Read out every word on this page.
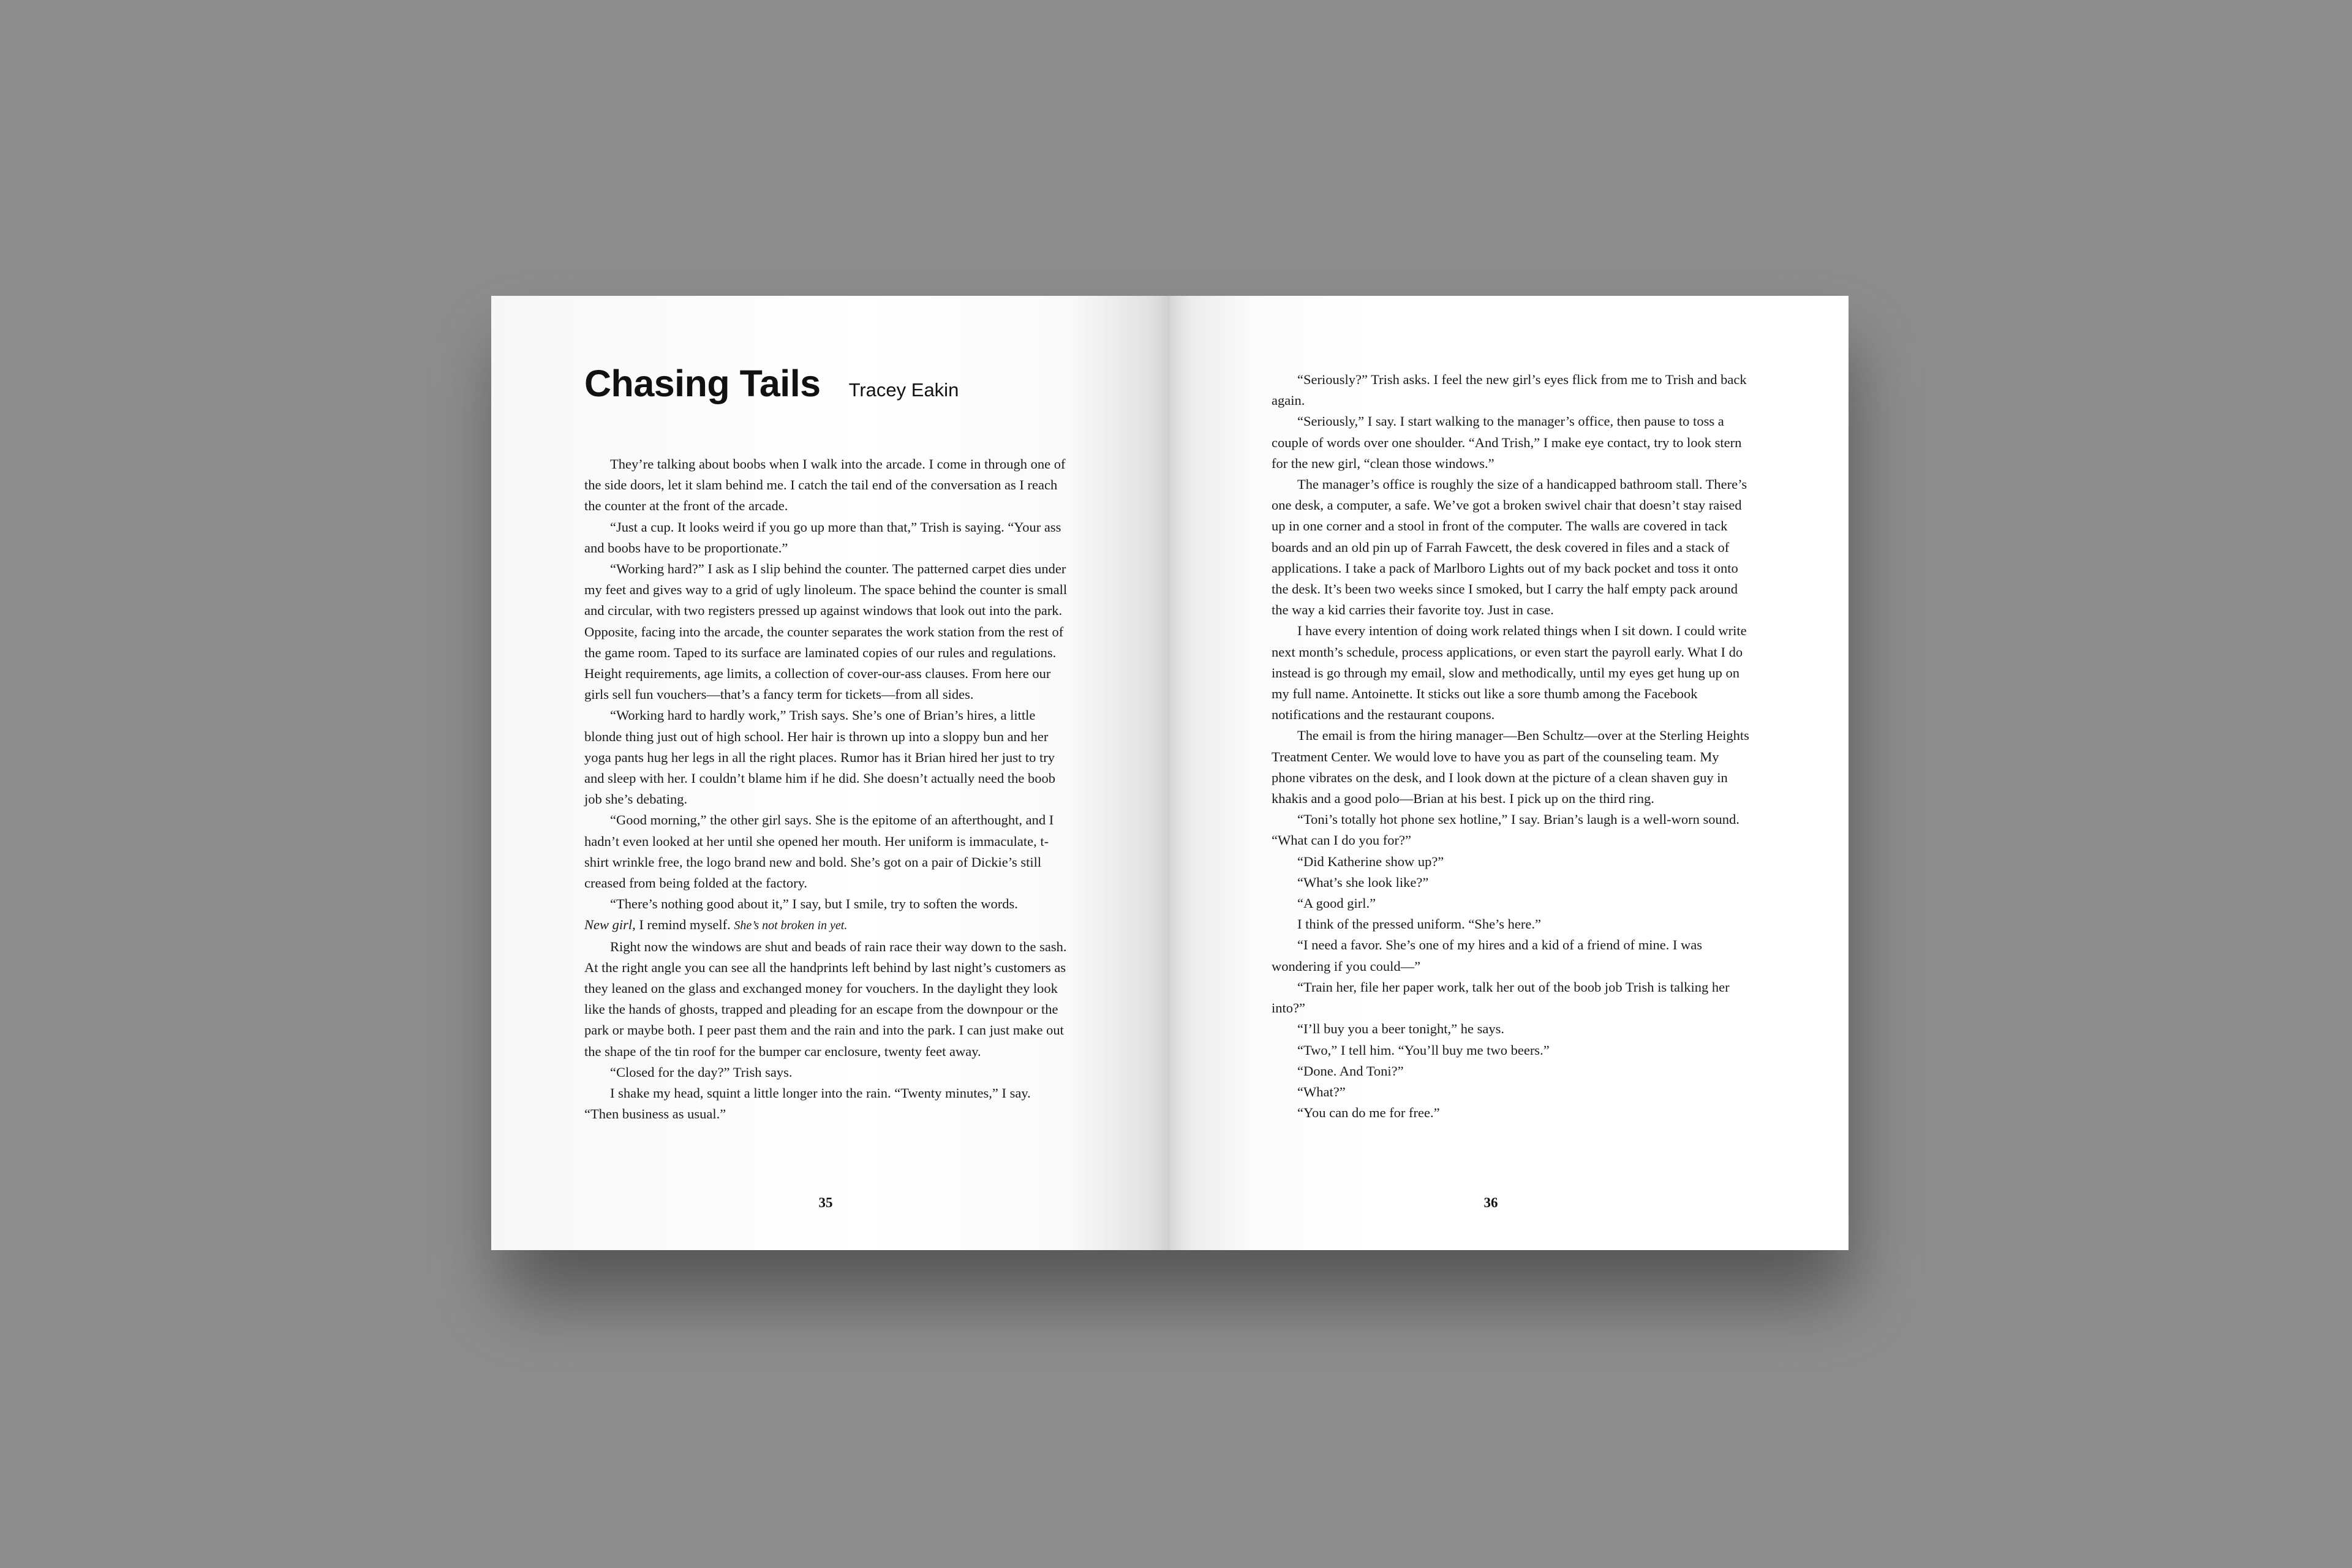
Chasing Tails Tracey Eakin

They’re talking about boobs when I walk into the arcade. I come in through one of the side doors, let it slam behind me. I catch the tail end of the conversation as I reach the counter at the front of the arcade.

“Just a cup. It looks weird if you go up more than that,” Trish is saying. “Your ass and boobs have to be proportionate.”

“Working hard?” I ask as I slip behind the counter. The patterned carpet dies under my feet and gives way to a grid of ugly linoleum. The space behind the counter is small and circular, with two registers pressed up against windows that look out into the park. Opposite, facing into the arcade, the counter separates the work station from the rest of the game room. Taped to its surface are laminated copies of our rules and regulations. Height requirements, age limits, a collection of cover-our-ass clauses. From here our girls sell fun vouchers—that’s a fancy term for tickets—from all sides.

“Working hard to hardly work,” Trish says. She’s one of Brian’s hires, a little blonde thing just out of high school. Her hair is thrown up into a sloppy bun and her yoga pants hug her legs in all the right places. Rumor has it Brian hired her just to try and sleep with her. I couldn’t blame him if he did. She doesn’t actually need the boob job she’s debating.

“Good morning,” the other girl says. She is the epitome of an afterthought, and I hadn’t even looked at her until she opened her mouth. Her uniform is immaculate, t-shirt wrinkle free, the logo brand new and bold. She’s got on a pair of Dickie’s still creased from being folded at the factory.

“There’s nothing good about it,” I say, but I smile, try to soften the words.

New girl, I remind myself. She’s not broken in yet.

Right now the windows are shut and beads of rain race their way down to the sash. At the right angle you can see all the handprints left behind by last night’s customers as they leaned on the glass and exchanged money for vouchers. In the daylight they look like the hands of ghosts, trapped and pleading for an escape from the downpour or the park or maybe both. I peer past them and the rain and into the park. I can just make out the shape of the tin roof for the bumper car enclosure, twenty feet away.

“Closed for the day?” Trish says.

I shake my head, squint a little longer into the rain. “Twenty minutes,” I say. “Then business as usual.”

35

“Seriously?” Trish asks. I feel the new girl’s eyes flick from me to Trish and back again.

“Seriously,” I say. I start walking to the manager’s office, then pause to toss a couple of words over one shoulder. “And Trish,” I make eye contact, try to look stern for the new girl, “clean those windows.”

The manager’s office is roughly the size of a handicapped bathroom stall. There’s one desk, a computer, a safe. We’ve got a broken swivel chair that doesn’t stay raised up in one corner and a stool in front of the computer. The walls are covered in tack boards and an old pin up of Farrah Fawcett, the desk covered in files and a stack of applications. I take a pack of Marlboro Lights out of my back pocket and toss it onto the desk. It’s been two weeks since I smoked, but I carry the half empty pack around the way a kid carries their favorite toy. Just in case.

I have every intention of doing work related things when I sit down. I could write next month’s schedule, process applications, or even start the payroll early. What I do instead is go through my email, slow and methodically, until my eyes get hung up on my full name. Antoinette. It sticks out like a sore thumb among the Facebook notifications and the restaurant coupons.

The email is from the hiring manager—Ben Schultz—over at the Sterling Heights Treatment Center. We would love to have you as part of the counseling team. My phone vibrates on the desk, and I look down at the picture of a clean shaven guy in khakis and a good polo—Brian at his best. I pick up on the third ring.

“Toni’s totally hot phone sex hotline,” I say. Brian’s laugh is a well-worn sound. “What can I do you for?”

“Did Katherine show up?”

“What’s she look like?”

“A good girl.”

I think of the pressed uniform. “She’s here.”

“I need a favor. She’s one of my hires and a kid of a friend of mine. I was wondering if you could—”

“Train her, file her paper work, talk her out of the boob job Trish is talking her into?”

“I’ll buy you a beer tonight,” he says.

“Two,” I tell him. “You’ll buy me two beers.”

“Done. And Toni?”

“What?”

“You can do me for free.”

36
